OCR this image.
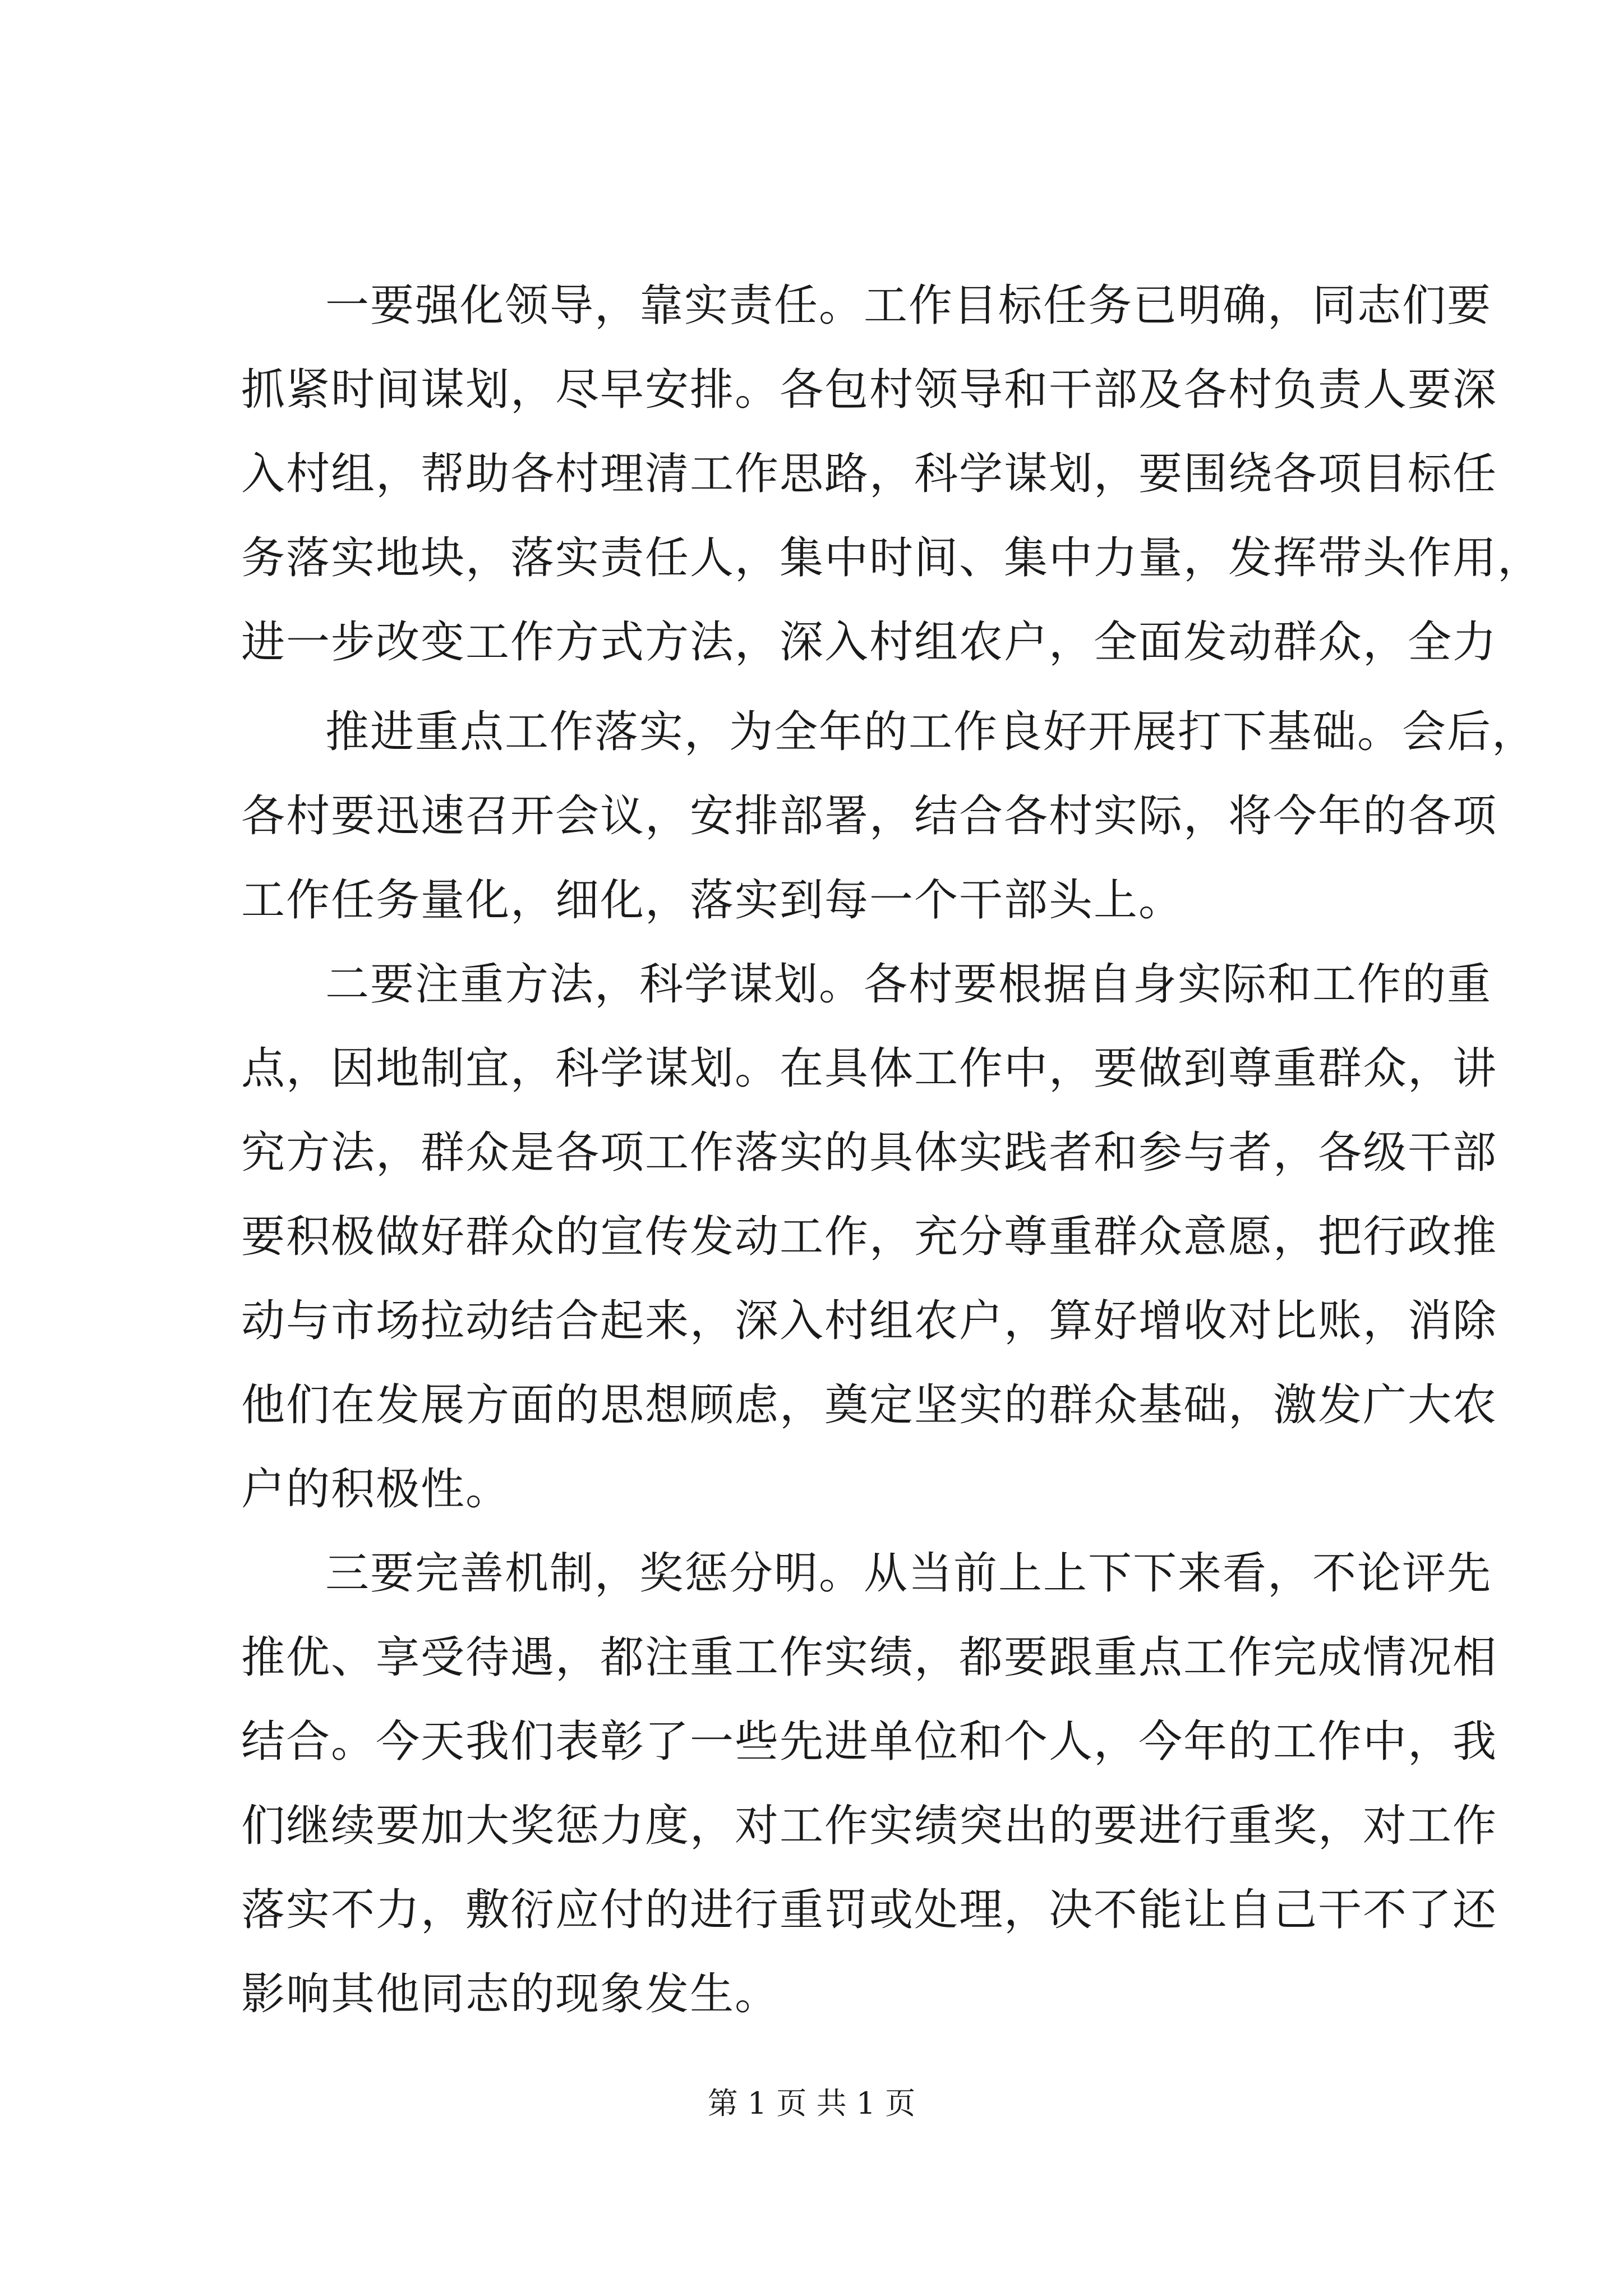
一要强化领导，靠实责任。工作目标任务已明确，同志们要
抓紧时间谋划，尽早安排。各包村领导和干部及各村负责人要深
入村组，帮助各村理清工作思路，科学谋划，要围绕各项目标任
务落实地块，落实责任人，集中时间、集中力量，发挥带头作用，
进一步改变工作方式方法，深入村组农户，全面发动群众，全力
推进重点工作落实，为全年的工作良好开展打下基础。会后，
各村要迅速召开会议，安排部署，结合各村实际，将今年的各项
工作任务量化，细化，落实到每一个干部头上。
二要注重方法，科学谋划。各村要根据自身实际和工作的重
点，因地制宜，科学谋划。在具体工作中，要做到尊重群众，讲
究方法，群众是各项工作落实的具体实践者和参与者，各级干部
要积极做好群众的宣传发动工作，充分尊重群众意愿，把行政推
动与市场拉动结合起来，深入村组农户，算好增收对比账，消除
他们在发展方面的思想顾虑，奠定坚实的群众基础，激发广大农
户的积极性。
三要完善机制，奖惩分明。从当前上上下下来看，不论评先
推优、享受待遇，都注重工作实绩，都要跟重点工作完成情况相
结合。今天我们表彰了一些先进单位和个人，今年的工作中，我
们继续要加大奖惩力度，对工作实绩突出的要进行重奖，对工作
落实不力，敷衍应付的进行重罚或处理，决不能让自己干不了还
影响其他同志的现象发生。
第 1 页 共 1 页
